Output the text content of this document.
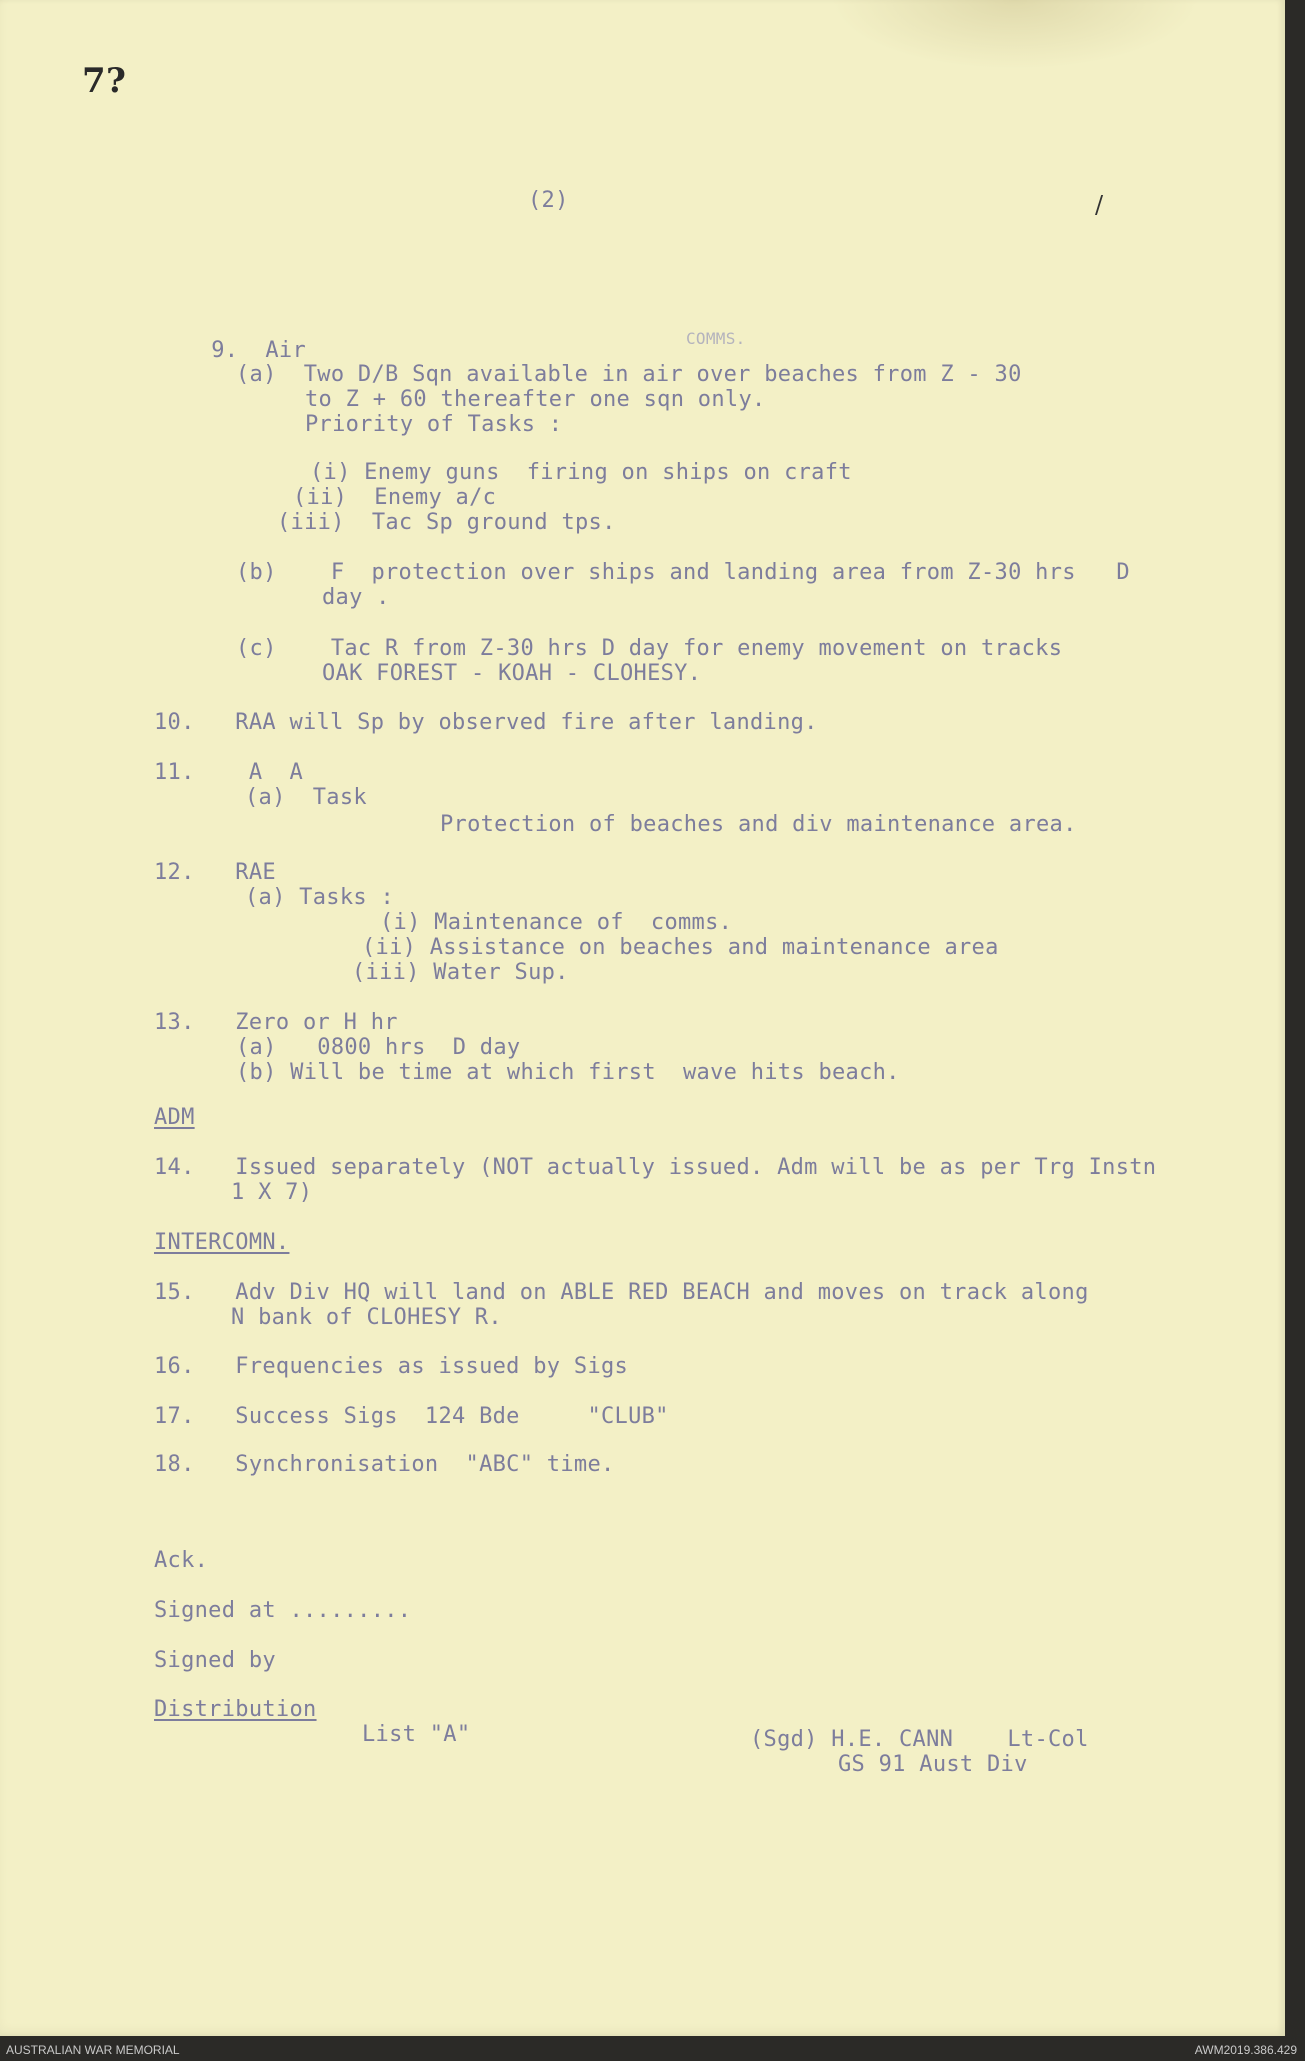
7?
/
(2)

9.  Air
	COMMS.
(a)  Two D/B Sqn available in air over beaches from Z - 30
to Z + 60 thereafter one sqn only.
Priority of Tasks :
(i) Enemy guns  firing on ships on craft
(ii)  Enemy a/c
(iii)  Tac Sp ground tps.
(b)    F  protection over ships and landing area from Z-30 hrs   D
day .
(c)    Tac R from Z-30 hrs D day for enemy movement on tracks
OAK FOREST - KOAH - CLOHESY.
10.   RAA will Sp by observed fire after landing.
11.    A  A
(a)  Task
Protection of beaches and div maintenance area.
12.   RAE
(a) Tasks :
(i) Maintenance of  comms.
(ii) Assistance on beaches and maintenance area
(iii) Water Sup.
13.   Zero or H hr
(a)   0800 hrs  D day
(b) Will be time at which first  wave hits beach.
ADM
14.   Issued separately (NOT actually issued. Adm will be as per Trg Instn
1 X 7)
INTERCOMN.
15.   Adv Div HQ will land on ABLE RED BEACH and moves on track along
N bank of CLOHESY R.
16.   Frequencies as issued by Sigs
17.   Success Sigs  124 Bde     "CLUB"
18.   Synchronisation  "ABC" time.
Ack.
Signed at .........
Signed by
Distribution
List "A"	(Sgd) H.E. CANN    Lt-Col
GS 91 Aust Div
AUSTRALIAN WAR MEMORIAL	AWM2019.386.429
